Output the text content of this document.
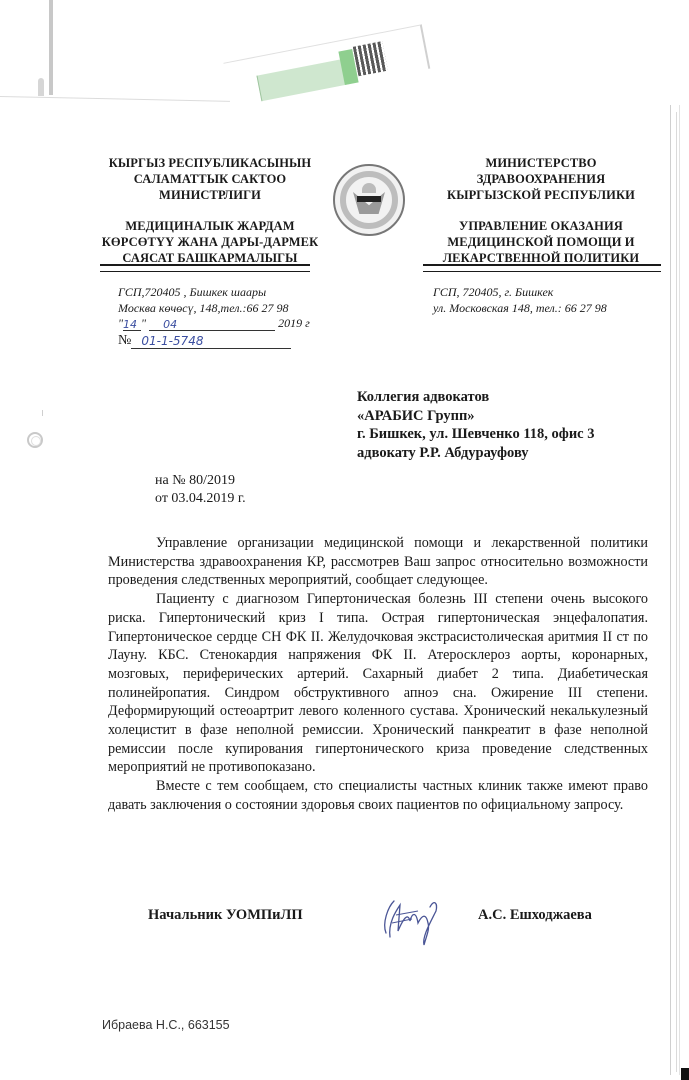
КЫРГЫЗ РЕСПУБЛИКАСЫНЫН
САЛАМАТТЫК САКТОО
МИНИСТРЛИГИ
МЕДИЦИНАЛЫК ЖАРДАМ
КӨРСӨТҮҮ ЖАНА ДАРЫ-ДАРМЕК
САЯСАТ БАШКАРМАЛЫГЫ
МИНИСТЕРСТВО
ЗДРАВООХРАНЕНИЯ
КЫРГЫЗСКОЙ РЕСПУБЛИКИ
УПРАВЛЕНИЕ ОКАЗАНИЯ
МЕДИЦИНСКОЙ ПОМОЩИ И
ЛЕКАРСТВЕННОЙ ПОЛИТИКИ
ГСП,720405 , Бишкек шаары
Москва көчөсү, 148,тел.:66 27 98
ГСП, 720405, г. Бишкек
ул. Московская 148, тел.: 66 27 98
"14 " 04	2019 г
№ 01-1-5748
Коллегия адвокатов
«АРАБИС Групп»
г. Бишкек, ул. Шевченко 118, офис 3
адвокату Р.Р. Абдурауфову
на № 80/2019
от 03.04.2019 г.

Управление организации медицинской помощи и лекарственной политики Министерства здравоохранения КР, рассмотрев Ваш запрос относительно возможности проведения следственных мероприятий, сообщает следующее.

Пациенту с диагнозом Гипертоническая болезнь III степени очень высокого риска. Гипертонический криз I типа. Острая гипертоническая энцефалопатия. Гипертоническое сердце СН ФК II. Желудочковая экстрасистолическая аритмия II ст по Лауну. КБС. Стенокардия напряжения ФК II. Атеросклероз аорты, коронарных, мозговых, периферических артерий. Сахарный диабет 2 типа. Диабетическая полинейропатия. Синдром обструктивного апноэ сна. Ожирение III степени. Деформирующий остеоартрит левого коленного сустава. Хронический некалькулезный холецистит в фазе неполной ремиссии. Хронический панкреатит в фазе неполной ремиссии после купирования гипертонического криза проведение следственных мероприятий не противопоказано.

Вместе с тем сообщаем, сто специалисты частных клиник также имеют право давать заключения о состоянии здоровья своих пациентов по официальному запросу.

Начальник УОМПиЛП	А.С. Ешходжаева
Ибраева Н.С., 663155
